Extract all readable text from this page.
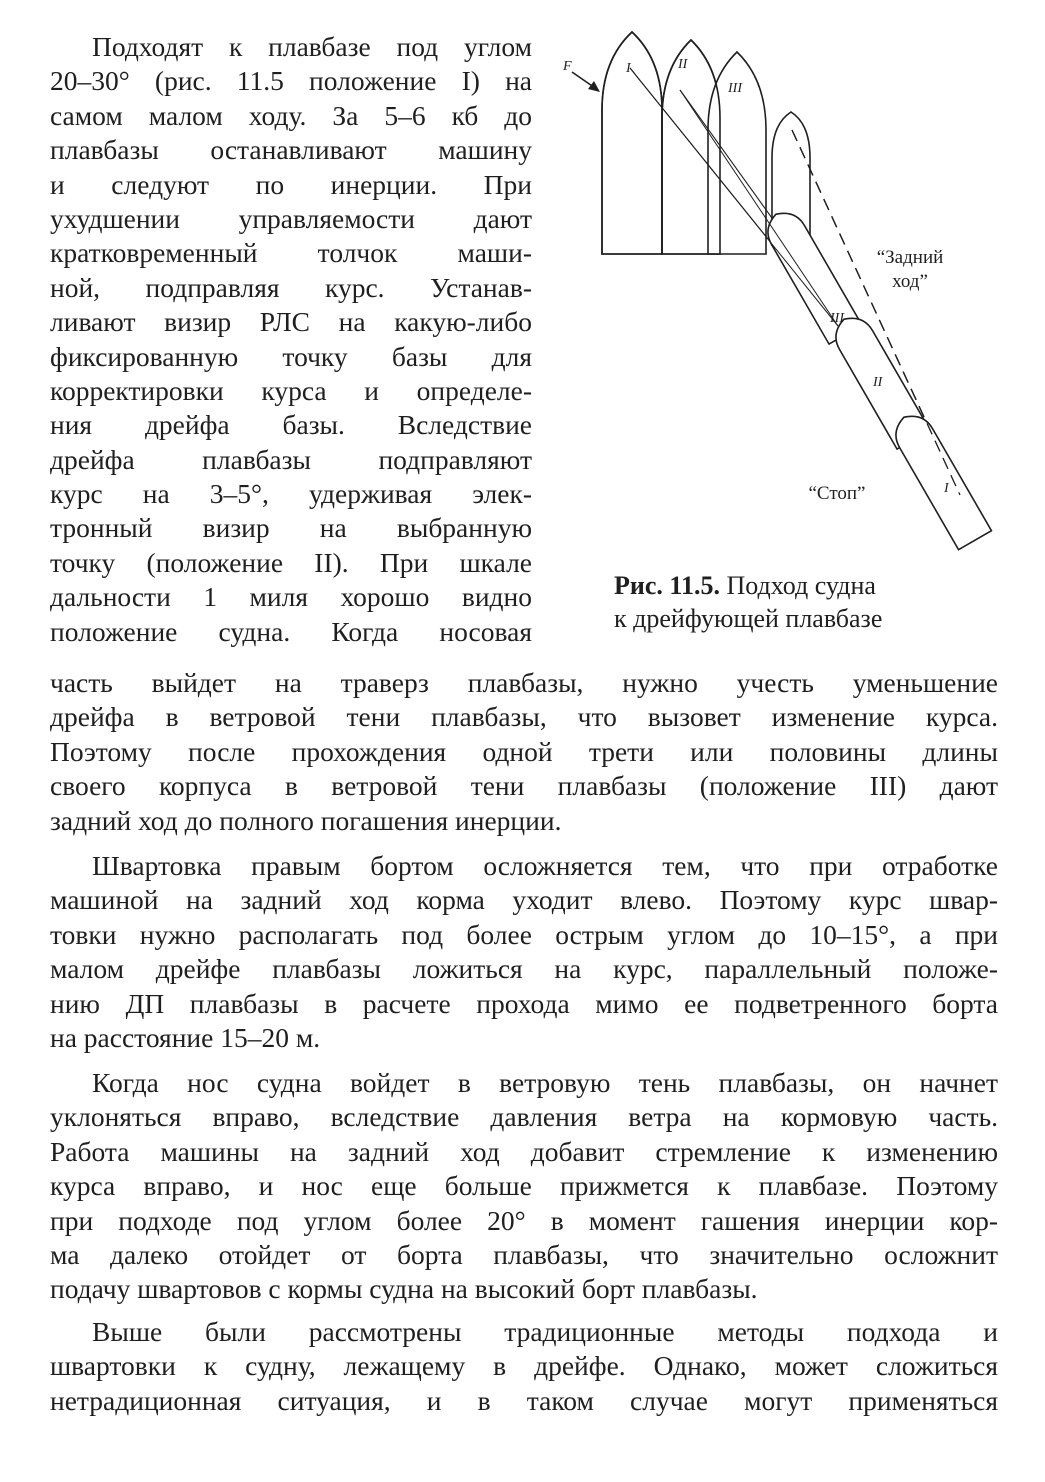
Подходят к плавбазе под углом
20–30° (рис. 11.5 положение I) на
самом малом ходу. За 5–6 кб до
плавбазы останавливают машину
и следуют по инерции. При
ухудшении управляемости дают
кратковременный толчок маши-
ной, подправляя курс. Устанав-
ливают визир РЛС на какую-либо
фиксированную точку базы для
корректировки курса и определе-
ния дрейфа базы. Вследствие
дрейфа плавбазы подправляют
курс на 3–5°, удерживая элек-
тронный визир на выбранную
точку (положение II). При шкале
дальности 1 миля хорошо видно
положение судна. Когда носовая

часть выйдет на траверз плавбазы, нужно учесть уменьшение
дрейфа в ветровой тени плавбазы, что вызовет изменение курса.
Поэтому после прохождения одной трети или половины длины
своего корпуса в ветровой тени плавбазы (положение III) дают
задний ход до полного погашения инерции.

Швартовка правым бортом осложняется тем, что при отработке
машиной на задний ход корма уходит влево. Поэтому курс швар-
товки нужно располагать под более острым углом до 10–15°, а при
малом дрейфе плавбазы ложиться на курс, параллельный положе-
нию ДП плавбазы в расчете прохода мимо ее подветренного борта
на расстояние 15–20 м.

Когда нос судна войдет в ветровую тень плавбазы, он начнет
уклоняться вправо, вследствие давления ветра на кормовую часть.
Работа машины на задний ход добавит стремление к изменению
курса вправо, и нос еще больше прижмется к плавбазе. Поэтому
при подходе под углом более 20° в момент гашения инерции кор-
ма далеко отойдет от борта плавбазы, что значительно осложнит
подачу швартовов с кормы судна на высокий борт плавбазы.

Выше были рассмотрены традиционные методы подхода и
швартовки к судну, лежащему в дрейфе. Однако, может сложиться
нетрадиционная ситуация, и в таком случае могут применяться

F	I	II
III
III
II
I
“Задний
ход”
“Стоп”
Рис. 11.5. Подход судна
к дрейфующей плавбазе
